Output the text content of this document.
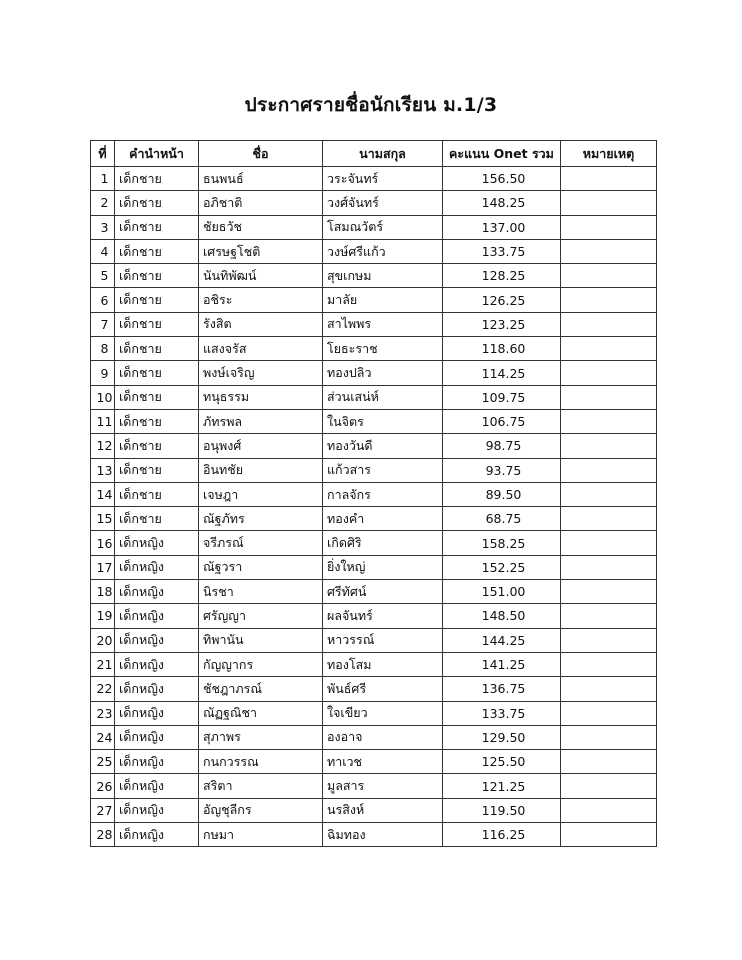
ประกาศรายชื่อนักเรียน ม.1/3
ที่	คำนำหน้า	ชื่อ	นามสกุล	คะแนน Onet รวม	หมายเหตุ
1	เด็กชาย	ธนพนธ์	วระจันทร์	156.50	
2	เด็กชาย	อภิชาติ	วงศ์จันทร์	148.25	
3	เด็กชาย	ชัยธวัช	โสมณวัตร์	137.00	
4	เด็กชาย	เศรษฐโชติ	วงษ์ศรีแก้ว	133.75	
5	เด็กชาย	นันทิพัฒน์	สุขเกษม	128.25	
6	เด็กชาย	อชิระ	มาลัย	126.25	
7	เด็กชาย	รังสิต	สาไพพร	123.25	
8	เด็กชาย	แสงจรัส	โยธะราช	118.60	
9	เด็กชาย	พงษ์เจริญ	ทองปลิว	114.25	
10	เด็กชาย	ทนุธรรม	ส่วนเสน่ห์	109.75	
11	เด็กชาย	ภัทรพล	ในจิตร	106.75	
12	เด็กชาย	อนุพงศ์	ทองวันดี	98.75	
13	เด็กชาย	อินทชัย	แก้วสาร	93.75	
14	เด็กชาย	เจษฎา	กาลจักร	89.50	
15	เด็กชาย	ณัฐภัทร	ทองคำ	68.75	
16	เด็กหญิง	จรีภรณ์	เกิดศิริ	158.25	
17	เด็กหญิง	ณัฐวรา	ยิ่งใหญ่	152.25	
18	เด็กหญิง	นิรชา	ศรีทัศน์	151.00	
19	เด็กหญิง	ศรัญญา	ผลจันทร์	148.50	
20	เด็กหญิง	ทิพานัน	หาวรรณ์	144.25	
21	เด็กหญิง	กัญญากร	ทองโสม	141.25	
22	เด็กหญิง	ชัชฎาภรณ์	พันธ์ศรี	136.75	
23	เด็กหญิง	ณัฏฐณิชา	ใจเขียว	133.75	
24	เด็กหญิง	สุภาพร	องอาจ	129.50	
25	เด็กหญิง	กนกวรรณ	ทาเวช	125.50	
26	เด็กหญิง	สริตา	มูลสาร	121.25	
27	เด็กหญิง	อัญชุลีกร	นรสิงห์	119.50	
28	เด็กหญิง	กษมา	ฉิมทอง	116.25	
